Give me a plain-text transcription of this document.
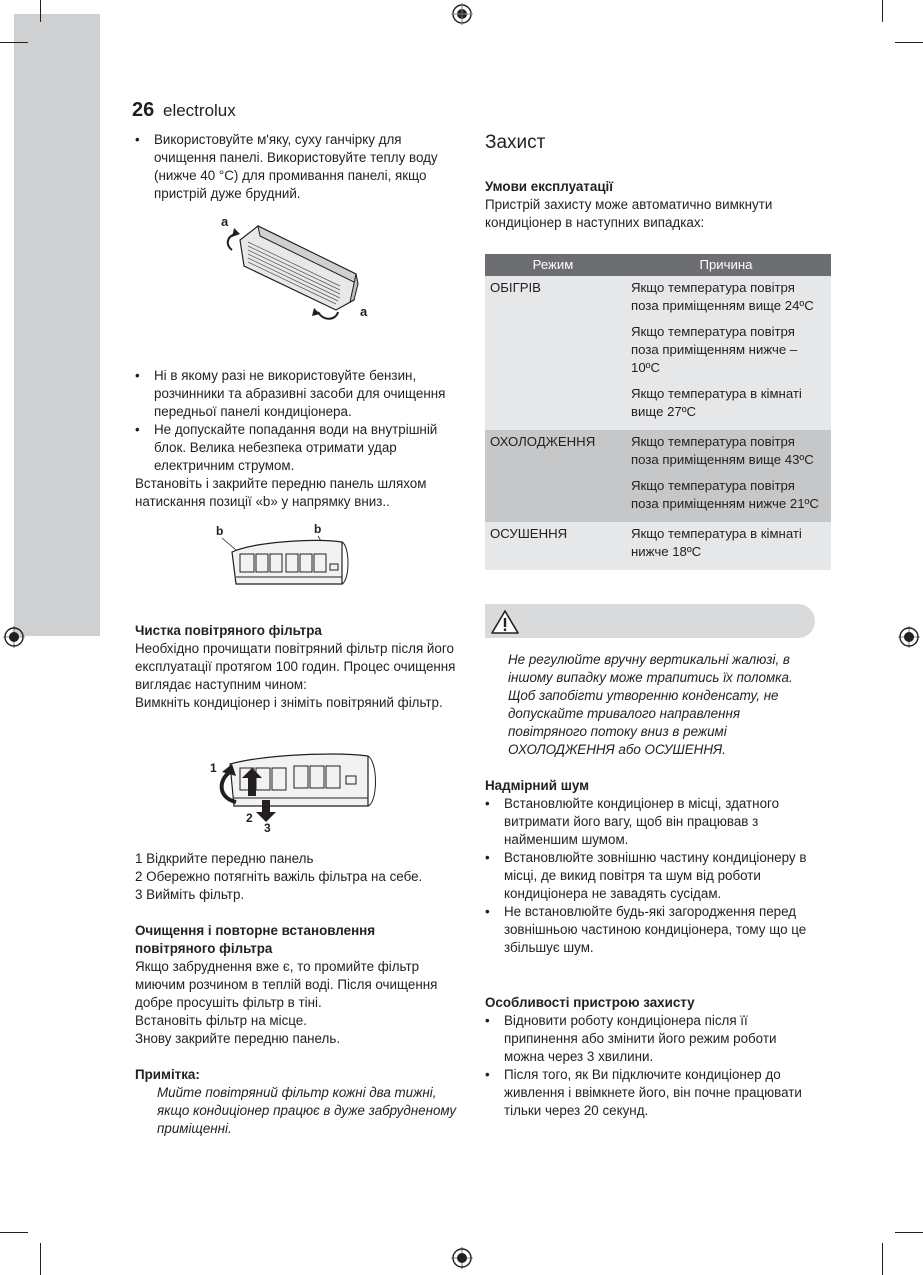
26 electrolux
• Використовуйте м'яку, суху ганчірку для очищення панелі. Використовуйте теплу воду (нижче 40 °C) для промивання панелі, якщо пристрій дуже брудний.
a
a
• Ні в якому разі не використовуйте бензин, розчинники та абразивні засоби для очищення передньої панелі кондиціонера.
• Не допускайте попадання води на внутрішній блок. Велика небезпека отримати удар електричним струмом.

Встановіть і закрийте передню панель шляхом натискання позиції «b» у напрямку вниз..

b	b
Чистка повітряного фільтра

Необхідно прочищати повітряний фільтр після його експлуатації протягом 100 годин. Процес очищення виглядає наступним чином:

Вимкніть кондиціонер і зніміть повітряний фільтр.

1
2
3

1 Відкрийте передню панель

2 Обережно потягніть важіль фільтра на себе.

3 Вийміть фільтр.

Очищення і повторне встановлення повітряного фільтра

Якщо забруднення вже є, то промийте фільтр миючим розчином в теплій воді. Після очищення добре просушіть фільтр в тіні.

Встановіть фільтр на місце.

Знову закрийте передню панель.

Примітка:

Мийте повітряний фільтр кожні два тижні, якщо кондиціонер працює в дуже забрудненому приміщенні.

Захист
Умови експлуатації

Пристрій захисту може автоматично вимкнути кондиціонер в наступних випадках:

Режим	Причина
ОБІГРІВ	Якщо температура повітря поза приміщенням вище 24ºC
Якщо температура повітря поза приміщенням нижче –10ºC
Якщо температура в кімнаті вище 27ºC

ОХОЛОДЖЕННЯ	Якщо температура повітря поза приміщенням вище 43ºC
Якщо температура повітря поза приміщенням нижче 21ºC

ОСУШЕННЯ	Якщо температура в кімнаті нижче 18ºC

Не регулюйте вручну вертикальні жалюзі, в іншому випадку може трапитись їх поломка. Щоб запобігти утворенню конденсату, не допускайте тривалого направлення повітряного потоку вниз в режимі ОХОЛОДЖЕННЯ або ОСУШЕННЯ.

Надмірний шум
• Встановлюйте кондиціонер в місці, здатного витримати його вагу, щоб він працював з найменшим шумом.
• Встановлюйте зовнішню частину кондиціонеру в місці, де викид повітря та шум від роботи кондиціонера не завадять сусідам.
• Не встановлюйте будь-які загородження перед зовнішньою частиною кондиціонера, тому що це збільшує шум.
Особливості пристрою захисту
• Відновити роботу кондиціонера після її припинення або змінити його режим роботи можна через 3 хвилини.
• Після того, як Ви підключите кондиціонер до живлення і ввімкнете його, він почне працювати тільки через 20 секунд.
